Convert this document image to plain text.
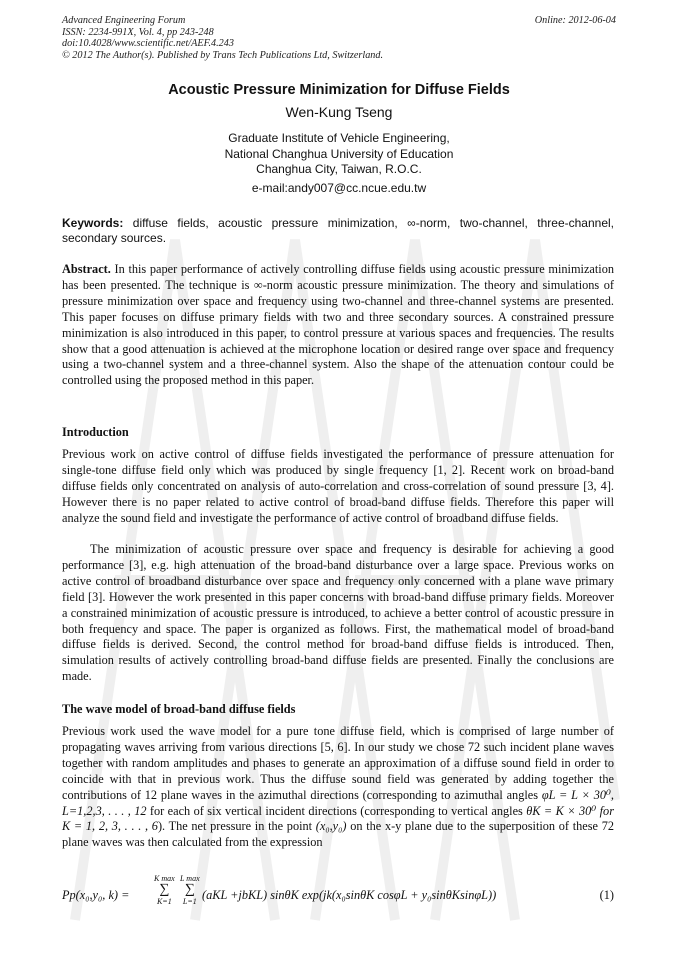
Advanced Engineering Forum
ISSN: 2234-991X, Vol. 4, pp 243-248
doi:10.4028/www.scientific.net/AEF.4.243
© 2012 The Author(s). Published by Trans Tech Publications Ltd, Switzerland.
Online: 2012-06-04
Acoustic Pressure Minimization for Diffuse Fields
Wen-Kung Tseng
Graduate Institute of Vehicle Engineering,
National Changhua University of Education
Changhua City, Taiwan, R.O.C.
e-mail:andy007@cc.ncue.edu.tw
Keywords: diffuse fields, acoustic pressure minimization, ∞-norm, two-channel, three-channel, secondary sources.
Abstract. In this paper performance of actively controlling diffuse fields using acoustic pressure minimization has been presented. The technique is ∞-norm acoustic pressure minimization. The theory and simulations of pressure minimization over space and frequency using two-channel and three-channel systems are presented. This paper focuses on diffuse primary fields with two and three secondary sources. A constrained pressure minimization is also introduced in this paper, to control pressure at various spaces and frequencies. The results show that a good attenuation is achieved at the microphone location or desired range over space and frequency using a two-channel system and a three-channel system. Also the shape of the attenuation contour could be controlled using the proposed method in this paper.
Introduction
Previous work on active control of diffuse fields investigated the performance of pressure attenuation for single-tone diffuse field only which was produced by single frequency [1, 2]. Recent work on broad-band diffuse fields only concentrated on analysis of auto-correlation and cross-correlation of sound pressure [3, 4]. However there is no paper related to active control of broad-band diffuse fields. Therefore this paper will analyze the sound field and investigate the performance of active control of broadband diffuse fields.
The minimization of acoustic pressure over space and frequency is desirable for achieving a good performance [3], e.g. high attenuation of the broad-band disturbance over a large space. Previous works on active control of broadband disturbance over space and frequency only concerned with a plane wave primary field [3]. However the work presented in this paper concerns with broad-band diffuse primary fields. Moreover a constrained minimization of acoustic pressure is introduced, to achieve a better control of acoustic pressure in both frequency and space. The paper is organized as follows. First, the mathematical model of broad-band diffuse fields is derived. Second, the control method for broad-band diffuse fields is introduced. Then, simulation results of actively controlling broad-band diffuse fields are presented. Finally the conclusions are made.
The wave model of broad-band diffuse fields
Previous work used the wave model for a pure tone diffuse field, which is comprised of large number of propagating waves arriving from various directions [5, 6]. In our study we chose 72 such incident plane waves together with random amplitudes and phases to generate an approximation of a diffuse sound field in order to coincide with that in previous work. Thus the diffuse sound field was generated by adding together the contributions of 12 plane waves in the azimuthal directions (corresponding to azimuthal angles φL = L × 30⁰, L=1,2,3, . . . , 12 for each of six vertical incident directions (corresponding to vertical angles θK = K × 30⁰ for K = 1, 2, 3, . . . , 6). The net pressure in the point (x₀,y₀) on the x-y plane due to the superposition of these 72 plane waves was then calculated from the expression
Pp(x₀,y₀, k) =
K max
∑
K=1
L max
∑
L=1 (aKL +jbKL) sinθK exp(jk(x₀sinθK cosφL + y₀sinθKsinφL))	(1)
